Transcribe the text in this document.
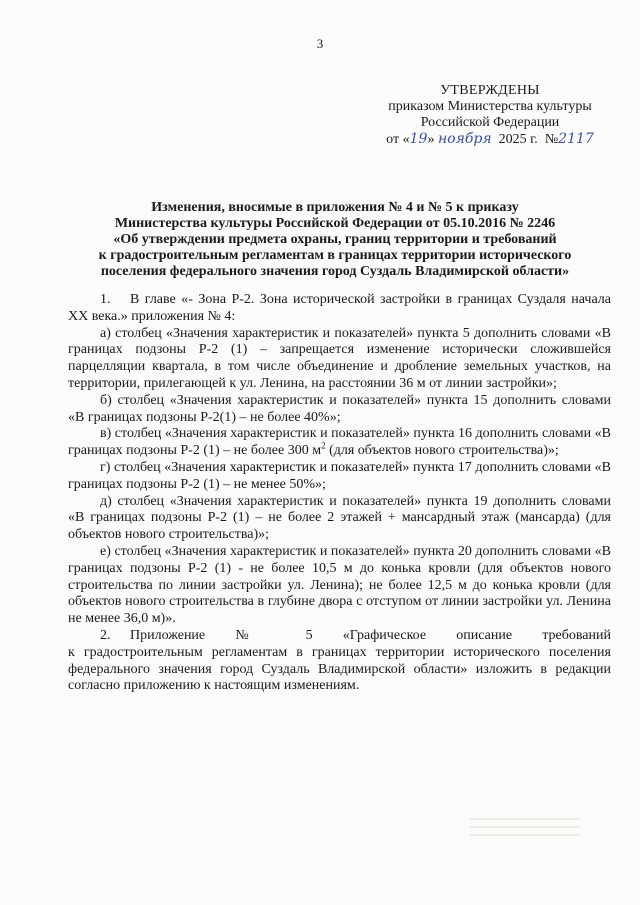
3
УТВЕРЖДЕНЫ
приказом Министерства культуры
Российской Федерации
от «19» ноября 2025 г. №2117
Изменения, вносимые в приложения № 4 и № 5 к приказу
Министерства культуры Российской Федерации от 05.10.2016 № 2246
«Об утверждении предмета охраны, границ территории и требований
к градостроительным регламентам в границах территории исторического
поселения федерального значения город Суздаль Владимирской области»

1. В главе «- Зона Р-2. Зона исторической застройки в границах Суздаля начала XX века.» приложения № 4:

а) столбец «Значения характеристик и показателей» пункта 5 дополнить словами «В границах подзоны Р-2 (1) – запрещается изменение исторически сложившейся парцелляции квартала, в том числе объединение и дробление земельных участков, на территории, прилегающей к ул. Ленина, на расстоянии 36 м от линии застройки»;

б) столбец «Значения характеристик и показателей» пункта 15 дополнить словами «В границах подзоны Р-2(1) – не более 40%»;

в) столбец «Значения характеристик и показателей» пункта 16 дополнить словами «В границах подзоны Р-2 (1) – не более 300 $м^2$ (для объектов нового строительства)»;

г) столбец «Значения характеристик и показателей» пункта 17 дополнить словами «В границах подзоны Р-2 (1) – не менее 50%»;

д) столбец «Значения характеристик и показателей» пункта 19 дополнить словами «В границах подзоны Р-2 (1) – не более 2 этажей + мансардный этаж (мансарда) (для объектов нового строительства)»;

е) столбец «Значения характеристик и показателей» пункта 20 дополнить словами «В границах подзоны Р-2 (1) - не более 10,5 м до конька кровли (для объектов нового строительства по линии застройки ул. Ленина); не более 12,5 м до конька кровли (для объектов нового строительства в глубине двора с отступом от линии застройки ул. Ленина не менее 36,0 м)».

2. Приложение № 5 «Графическое описание требований

к градостроительным регламентам в границах территории исторического поселения федерального значения город Суздаль Владимирской области» изложить в редакции согласно приложению к настоящим изменениям.
